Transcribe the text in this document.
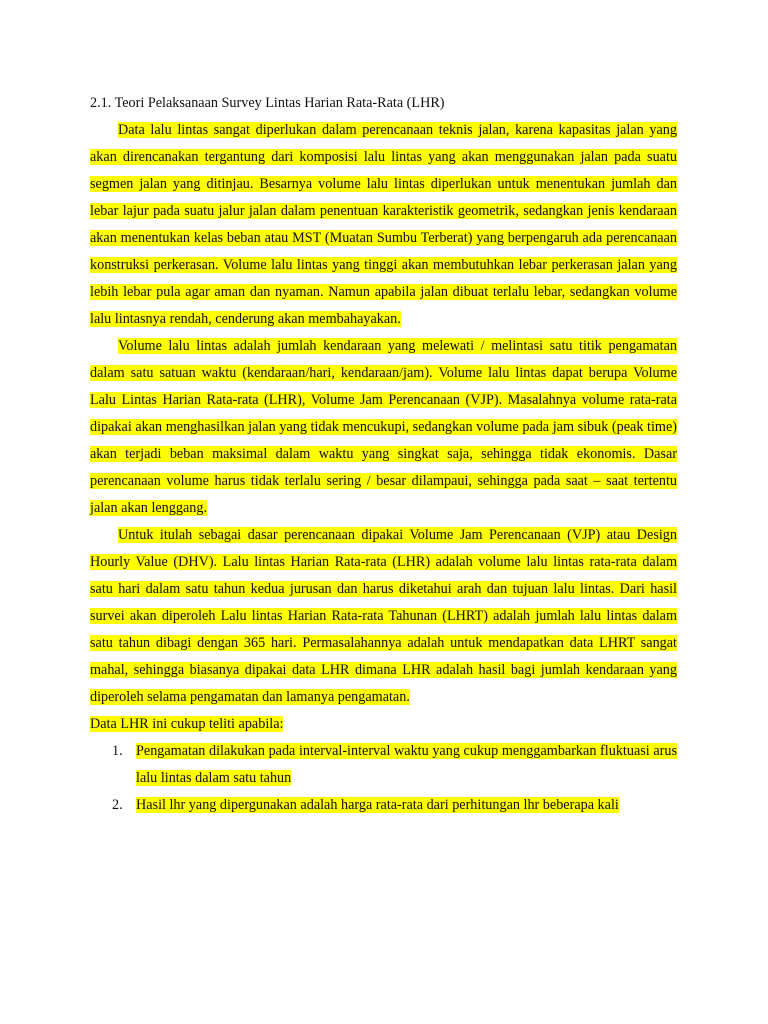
2.1. Teori Pelaksanaan Survey Lintas Harian Rata-Rata (LHR)

Data lalu lintas sangat diperlukan dalam perencanaan teknis jalan, karena kapasitas jalan yang akan direncanakan tergantung dari komposisi lalu lintas yang akan menggunakan jalan pada suatu segmen jalan yang ditinjau. Besarnya volume lalu lintas diperlukan untuk menentukan jumlah dan lebar lajur pada suatu jalur jalan dalam penentuan karakteristik geometrik, sedangkan jenis kendaraan akan menentukan kelas beban atau MST (Muatan Sumbu Terberat) yang berpengaruh ada perencanaan konstruksi perkerasan. Volume lalu lintas yang tinggi akan membutuhkan lebar perkerasan jalan yang lebih lebar pula agar aman dan nyaman. Namun apabila jalan dibuat terlalu lebar, sedangkan volume lalu lintasnya rendah, cenderung akan membahayakan.

Volume lalu lintas adalah jumlah kendaraan yang melewati / melintasi satu titik pengamatan dalam satu satuan waktu (kendaraan/hari, kendaraan/jam). Volume lalu lintas dapat berupa Volume Lalu Lintas Harian Rata-rata (LHR), Volume Jam Perencanaan (VJP). Masalahnya volume rata-rata dipakai akan menghasilkan jalan yang tidak mencukupi, sedangkan volume pada jam sibuk (peak time) akan terjadi beban maksimal dalam waktu yang singkat saja, sehingga tidak ekonomis. Dasar perencanaan volume harus tidak terlalu sering / besar dilampaui, sehingga pada saat – saat tertentu jalan akan lenggang.

Untuk itulah sebagai dasar perencanaan dipakai Volume Jam Perencanaan (VJP) atau Design Hourly Value (DHV). Lalu lintas Harian Rata-rata (LHR) adalah volume lalu lintas rata-rata dalam satu hari dalam satu tahun kedua jurusan dan harus diketahui arah dan tujuan lalu lintas. Dari hasil survei akan diperoleh Lalu lintas Harian Rata-rata Tahunan (LHRT) adalah jumlah lalu lintas dalam satu tahun dibagi dengan 365 hari. Permasalahannya adalah untuk mendapatkan data LHRT sangat mahal, sehingga biasanya dipakai data LHR dimana LHR adalah hasil bagi jumlah kendaraan yang diperoleh selama pengamatan dan lamanya pengamatan.

Data LHR ini cukup teliti apabila:

1. Pengamatan dilakukan pada interval-interval waktu yang cukup menggambarkan fluktuasi arus lalu lintas dalam satu tahun
2. Hasil lhr yang dipergunakan adalah harga rata-rata dari perhitungan lhr beberapa kali
